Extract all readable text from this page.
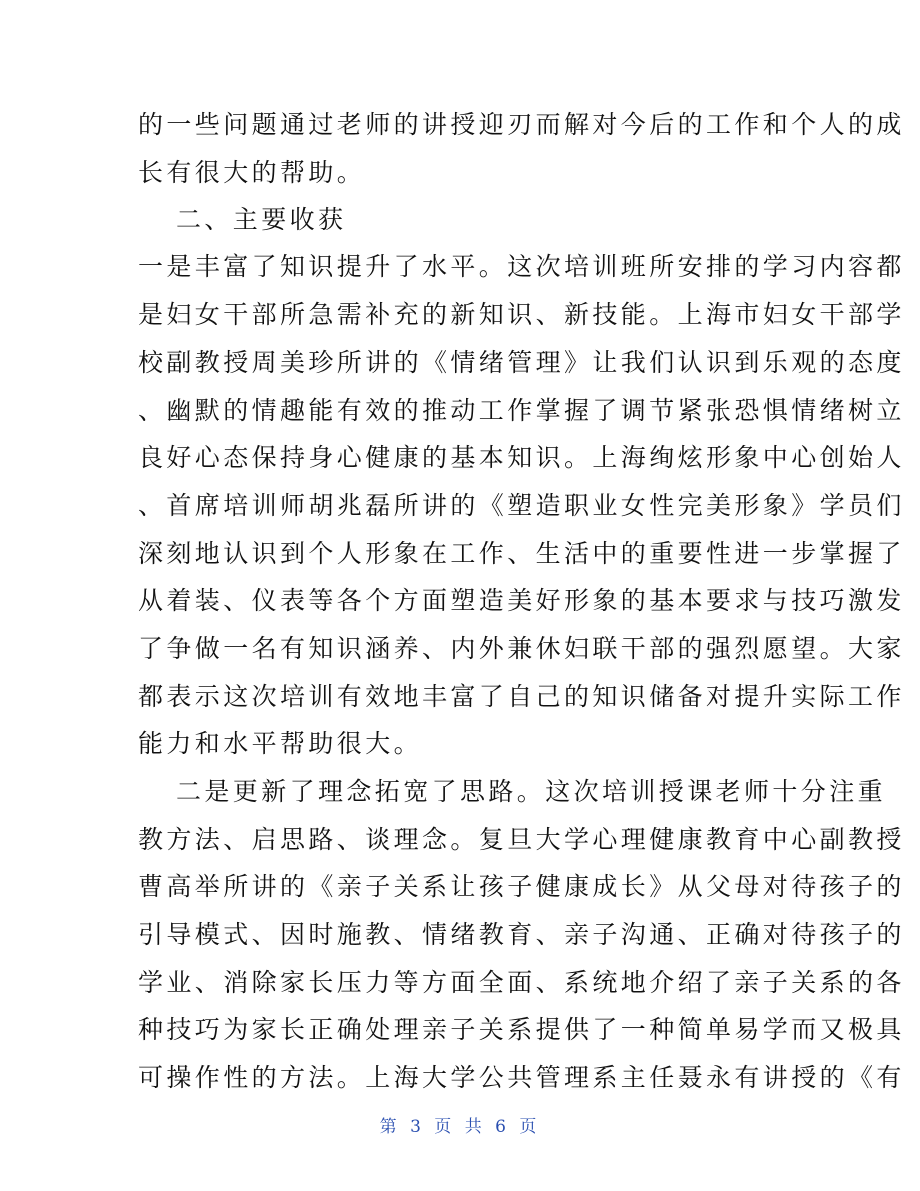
的一些问题通过老师的讲授迎刃而解对今后的工作和个人的成
长有很大的帮助。
二、主要收获
一是丰富了知识提升了水平。这次培训班所安排的学习内容都
是妇女干部所急需补充的新知识、新技能。上海市妇女干部学
校副教授周美珍所讲的《情绪管理》让我们认识到乐观的态度
、幽默的情趣能有效的推动工作掌握了调节紧张恐惧情绪树立
良好心态保持身心健康的基本知识。上海绚炫形象中心创始人
、首席培训师胡兆磊所讲的《塑造职业女性完美形象》学员们
深刻地认识到个人形象在工作、生活中的重要性进一步掌握了
从着装、仪表等各个方面塑造美好形象的基本要求与技巧激发
了争做一名有知识涵养、内外兼休妇联干部的强烈愿望。大家
都表示这次培训有效地丰富了自己的知识储备对提升实际工作
能力和水平帮助很大。
二是更新了理念拓宽了思路。这次培训授课老师十分注重
教方法、启思路、谈理念。复旦大学心理健康教育中心副教授
曹高举所讲的《亲子关系让孩子健康成长》从父母对待孩子的
引导模式、因时施教、情绪教育、亲子沟通、正确对待孩子的
学业、消除家长压力等方面全面、系统地介绍了亲子关系的各
种技巧为家长正确处理亲子关系提供了一种简单易学而又极具
可操作性的方法。上海大学公共管理系主任聂永有讲授的《有
第 3 页 共 6 页
